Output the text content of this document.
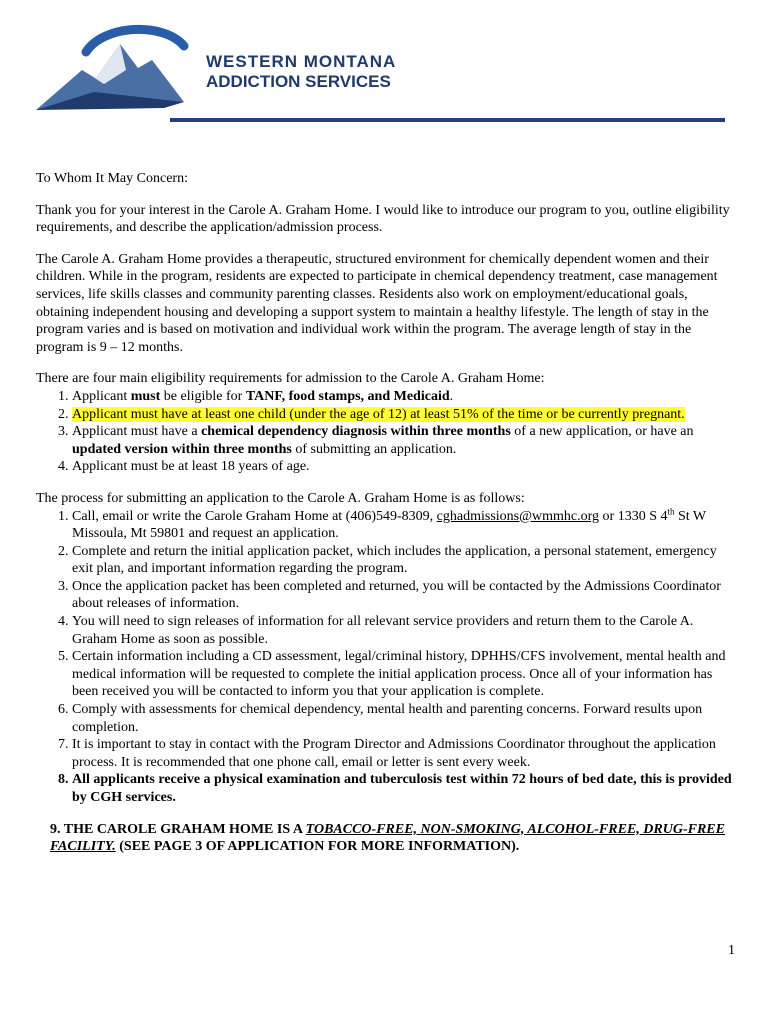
WESTERN MONTANA
ADDICTION SERVICES

To Whom It May Concern:

Thank you for your interest in the Carole A. Graham Home. I would like to introduce our program to you, outline eligibility requirements, and describe the application/admission process.

The Carole A. Graham Home provides a therapeutic, structured environment for chemically dependent women and their children. While in the program, residents are expected to participate in chemical dependency treatment, case management services, life skills classes and community parenting classes. Residents also work on employment/educational goals, obtaining independent housing and developing a support system to maintain a healthy lifestyle. The length of stay in the program varies and is based on motivation and individual work within the program. The average length of stay in the program is 9 – 12 months.

There are four main eligibility requirements for admission to the Carole A. Graham Home:
1. Applicant must be eligible for TANF, food stamps, and Medicaid.
2. Applicant must have at least one child (under the age of 12) at least 51% of the time or be currently pregnant.
3. Applicant must have a chemical dependency diagnosis within three months of a new application, or have an updated version within three months of submitting an application.
4. Applicant must be at least 18 years of age.
The process for submitting an application to the Carole A. Graham Home is as follows:
1. Call, email or write the Carole Graham Home at (406)549-8309, cghadmissions@wmmhc.org or 1330 S 4th St W Missoula, Mt 59801 and request an application.
2. Complete and return the initial application packet, which includes the application, a personal statement, emergency exit plan, and important information regarding the program.
3. Once the application packet has been completed and returned, you will be contacted by the Admissions Coordinator about releases of information.
4. You will need to sign releases of information for all relevant service providers and return them to the Carole A. Graham Home as soon as possible.
5. Certain information including a CD assessment, legal/criminal history, DPHHS/CFS involvement, mental health and medical information will be requested to complete the initial application process. Once all of your information has been received you will be contacted to inform you that your application is complete.
6. Comply with assessments for chemical dependency, mental health and parenting concerns. Forward results upon completion.
7. It is important to stay in contact with the Program Director and Admissions Coordinator throughout the application process. It is recommended that one phone call, email or letter is sent every week.
8. All applicants receive a physical examination and tuberculosis test within 72 hours of bed date, this is provided by CGH services.
9. THE CAROLE GRAHAM HOME IS A TOBACCO-FREE, NON-SMOKING, ALCOHOL-FREE, DRUG-FREE FACILITY. (SEE PAGE 3 OF APPLICATION FOR MORE INFORMATION).
1
